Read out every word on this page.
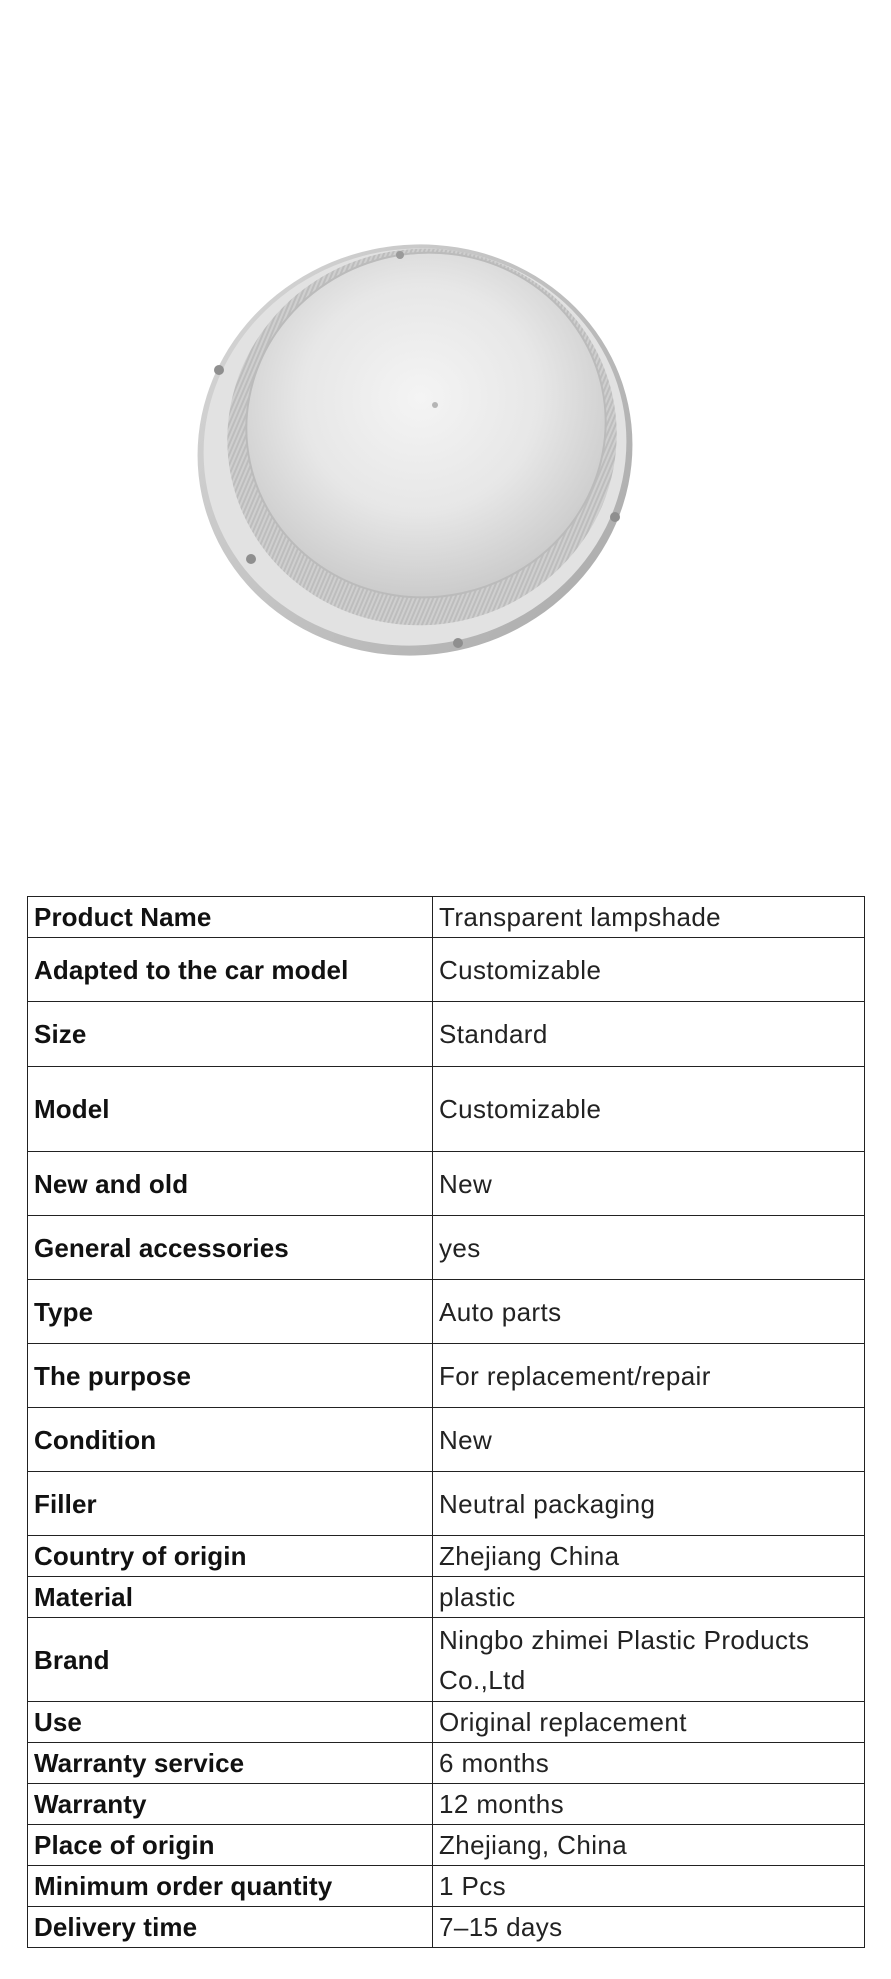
Product Name	Transparent lampshade
Adapted to the car model	Customizable
Size	Standard
Model	Customizable
New and old	New
General accessories	yes
Type	Auto parts
The purpose	For replacement/repair
Condition	New
Filler	Neutral packaging
Country of origin	Zhejiang China
Material	plastic
Brand	Ningbo zhimei Plastic Products Co.,Ltd
Use	Original replacement
Warranty service	6 months
Warranty	12 months
Place of origin	Zhejiang, China
Minimum order quantity	1 Pcs
Delivery time	7–15 days
